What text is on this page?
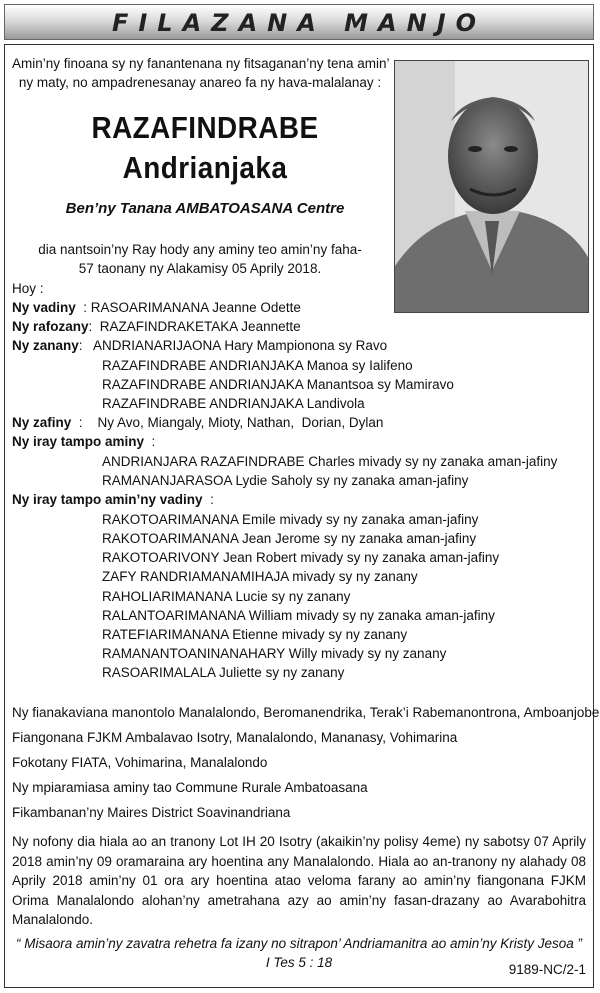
FILAZANA MANJO
Amin’ny finoana sy ny fanantenana ny fitsaganan’ny tena amin’
ny maty, no ampadrenesanay anareo fa ny hava-malalanay :
RAZAFINDRABE
Andrianjaka
Ben’ny Tanana AMBATOASANA Centre
dia nantsoin’ny Ray hody any aminy teo amin’ny faha-
57 taonany ny Alakamisy 05 Aprily 2018.
Hoy :
Ny vadiny  : RASOARIMANANA Jeanne Odette
Ny rafozany:  RAZAFINDRAKETAKA Jeannette
Ny zanany:   ANDRIANARIJAONA Hary Mampionona sy Ravo
RAZAFINDRABE ANDRIANJAKA Manoa sy Ialifeno
RAZAFINDRABE ANDRIANJAKA Manantsoa sy Mamiravo
RAZAFINDRABE ANDRIANJAKA Landivola
Ny zafiny  :    Ny Avo, Miangaly, Mioty, Nathan,  Dorian, Dylan
Ny iray tampo aminy  :
ANDRIANJARA RAZAFINDRABE Charles mivady sy ny zanaka aman-jafiny
RAMANANJARASOA Lydie Saholy sy ny zanaka aman-jafiny
Ny iray tampo amin’ny vadiny  :
RAKOTOARIMANANA Emile mivady sy ny zanaka aman-jafiny
RAKOTOARIMANANA Jean Jerome sy ny zanaka aman-jafiny
RAKOTOARIVONY Jean Robert mivady sy ny zanaka aman-jafiny
ZAFY RANDRIAMANAMIHAJA mivady sy ny zanany
RAHOLIARIMANANA Lucie sy ny zanany
RALANTOARIMANANA William mivady sy ny zanaka aman-jafiny
RATEFIARIMANANA Etienne mivady sy ny zanany
RAMANANTOANINANAHARY Willy mivady sy ny zanany
RASOARIMALALA Juliette sy ny zanany
Ny fianakaviana manontolo Manalalondo, Beromanendrika, Terak’i Rabemanontrona, Amboanjobe
Fiangonana FJKM Ambalavao Isotry, Manalalondo, Mananasy, Vohimarina
Fokotany FIATA, Vohimarina, Manalalondo
Ny mpiaramiasa aminy tao Commune Rurale Ambatoasana
Fikambanan’ny Maires District Soavinandriana
Ny nofony dia hiala ao an tranony Lot IH 20 Isotry (akaikin’ny polisy 4eme) ny sabotsy 07 Aprily 2018 amin’ny 09 oramaraina ary hoentina any Manalalondo. Hiala ao an-tranony ny alahady 08 Aprily 2018 amin’ny 01 ora ary hoentina atao veloma farany ao amin’ny fiangonana FJKM Orima Manalalondo alohan’ny ametrahana azy ao amin’ny fasan-drazany ao Avarabohitra Manalalondo.
“ Misaora amin’ny zavatra rehetra fa izany no sitrapon’ Andriamanitra ao amin’ny Kristy Jesoa ”
I Tes 5 : 18	9189-NC/2-1
